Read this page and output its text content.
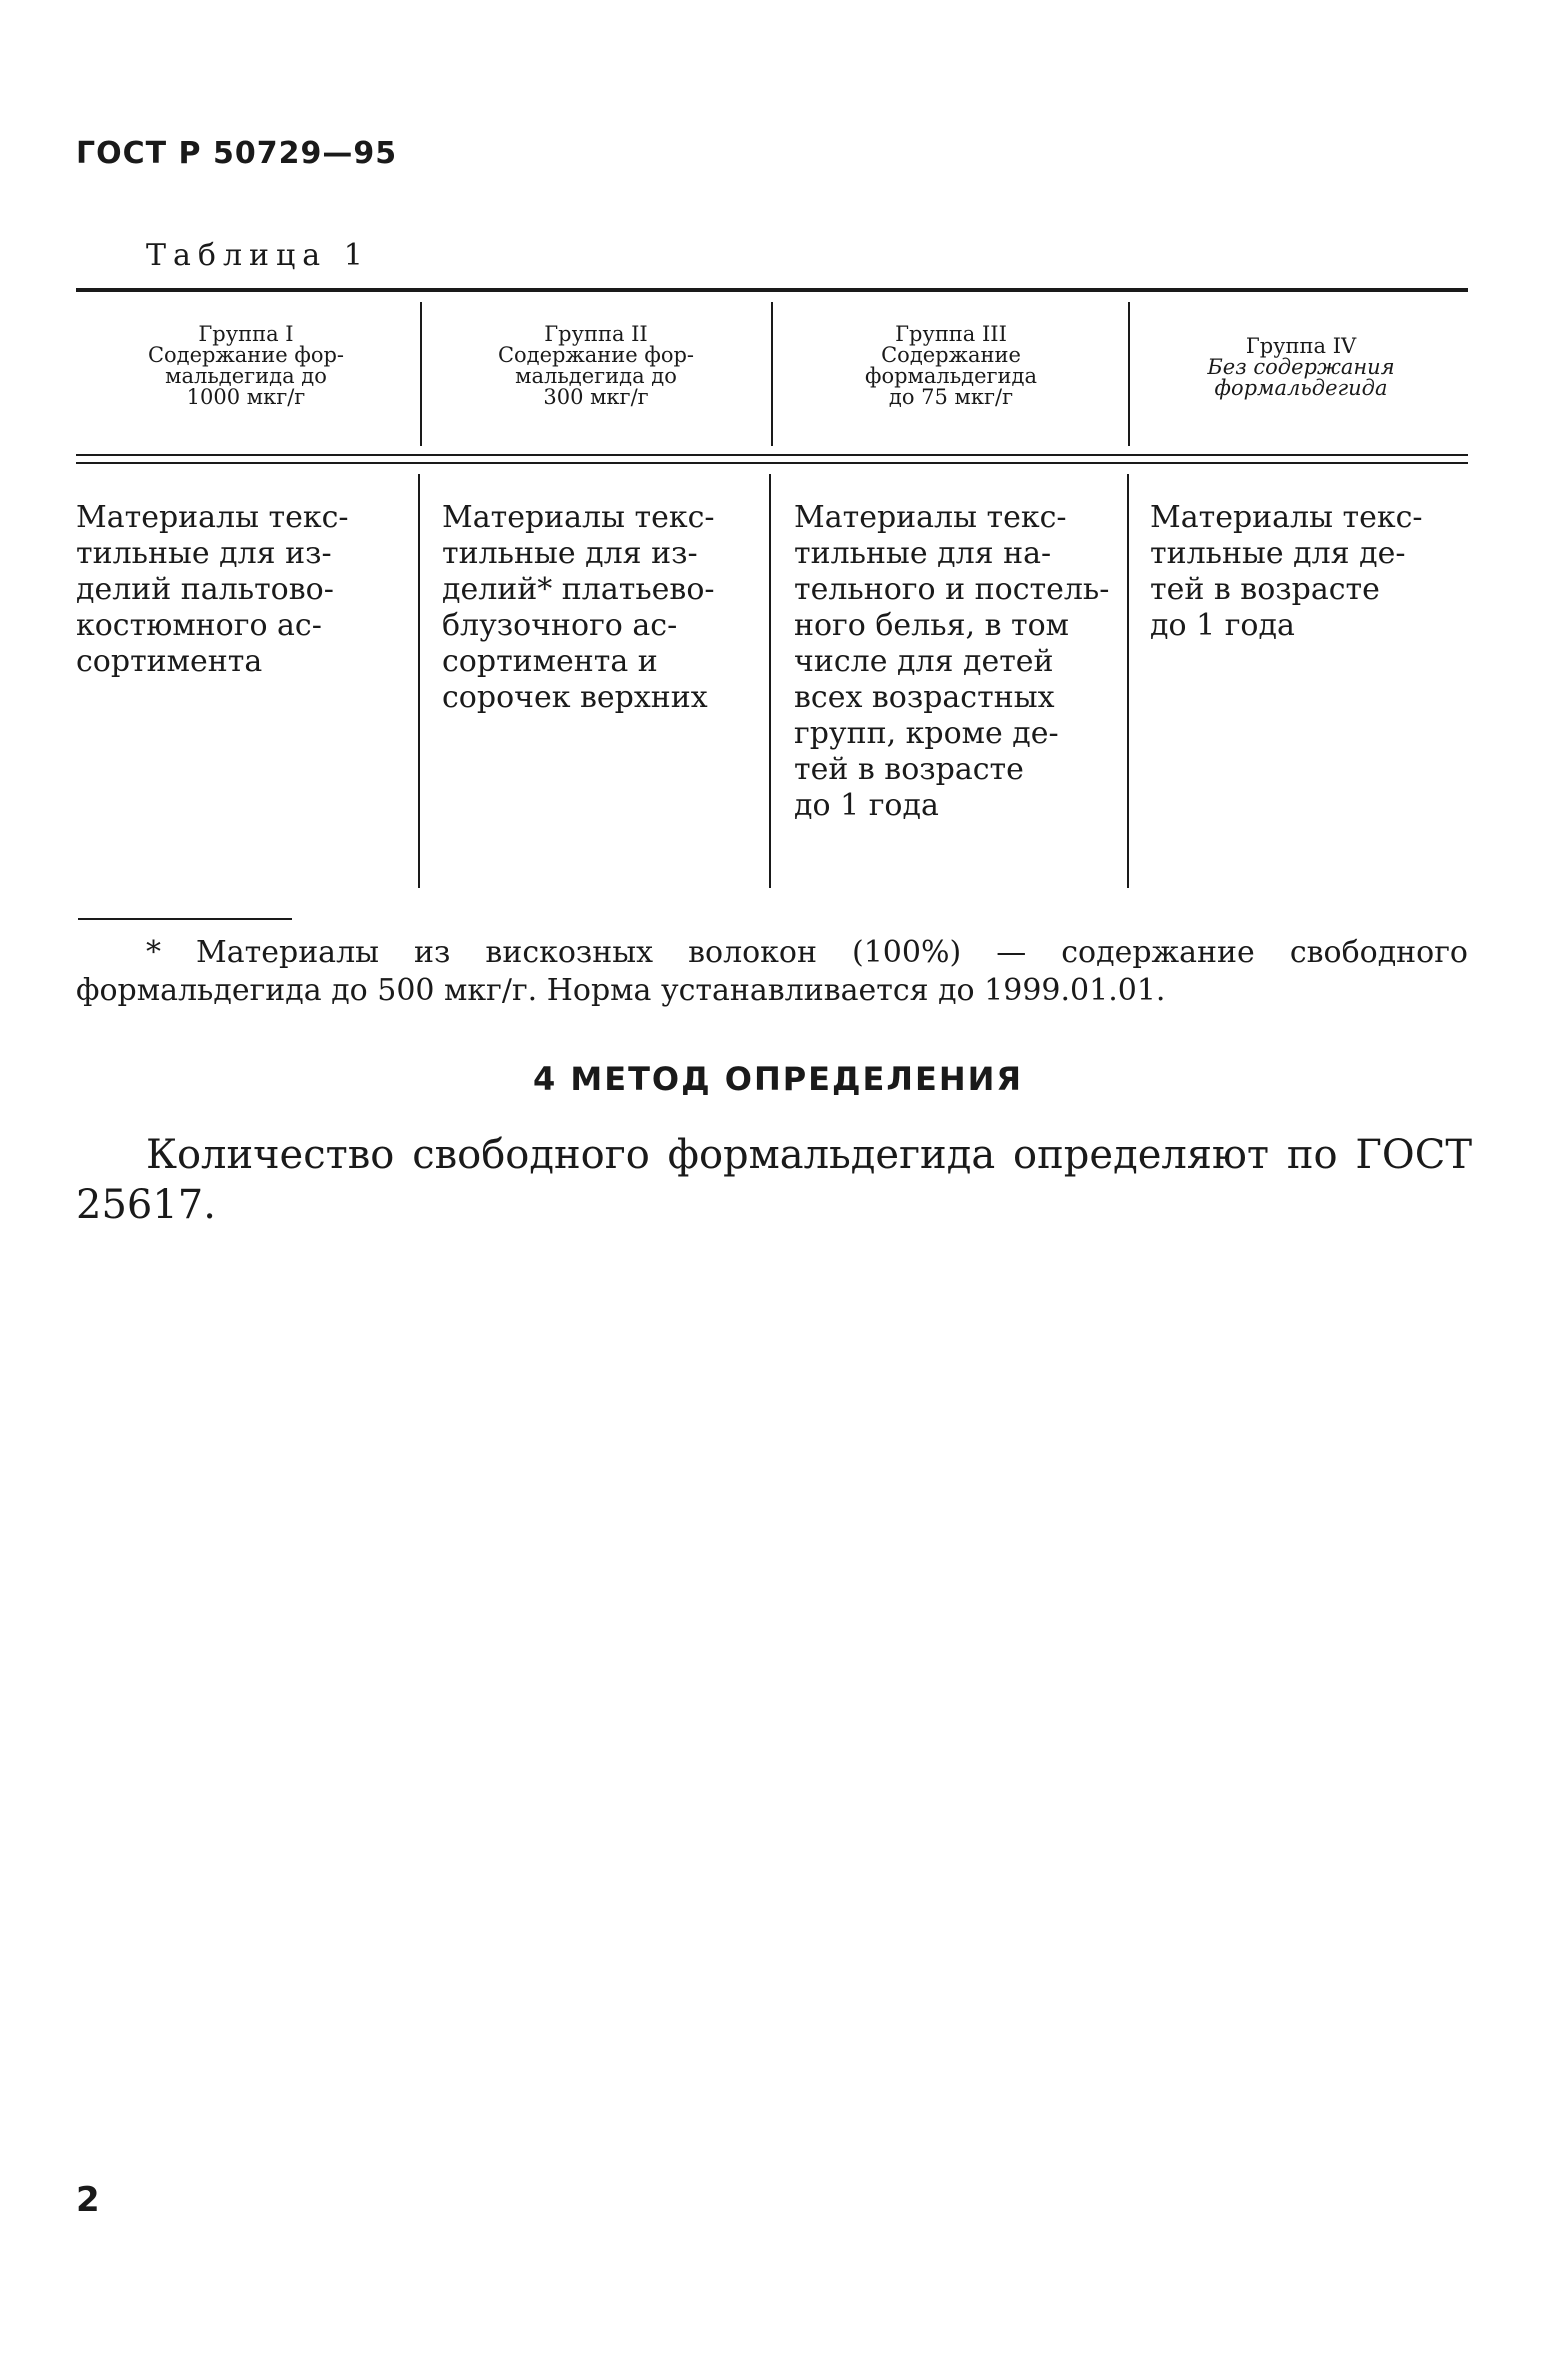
ГОСТ Р 50729—95
Таблица 1
Группа I
Содержание фор-
мальдегида до
1000 мкг/г
Группа II
Содержание фор-
мальдегида до
300 мкг/г
Группа III
Содержание
формальдегида
до 75 мкг/г
Группа IV
Без содержания
формальдегида
Материалы текс-
тильные для из-
делий пальтово-
костюмного ас-
сортимента
Материалы текс-
тильные для из-
делий* платьево-
блузочного ас-
сортимента и
сорочек верхних
Материалы текс-
тильные для на-
тельного и постель-
ного белья, в том
числе для детей
всех возрастных
групп, кроме де-
тей в возрасте
до 1 года
Материалы текс-
тильные для де-
тей в возрасте
до 1 года
* Материалы из вискозных волокон (100%) — содержание свободного формальдегида до 500 мкг/г. Норма устанавливается до 1999.01.01.
4 МЕТОД ОПРЕДЕЛЕНИЯ
Количество свободного формальдегида определяют по ГОСТ 25617.
2
